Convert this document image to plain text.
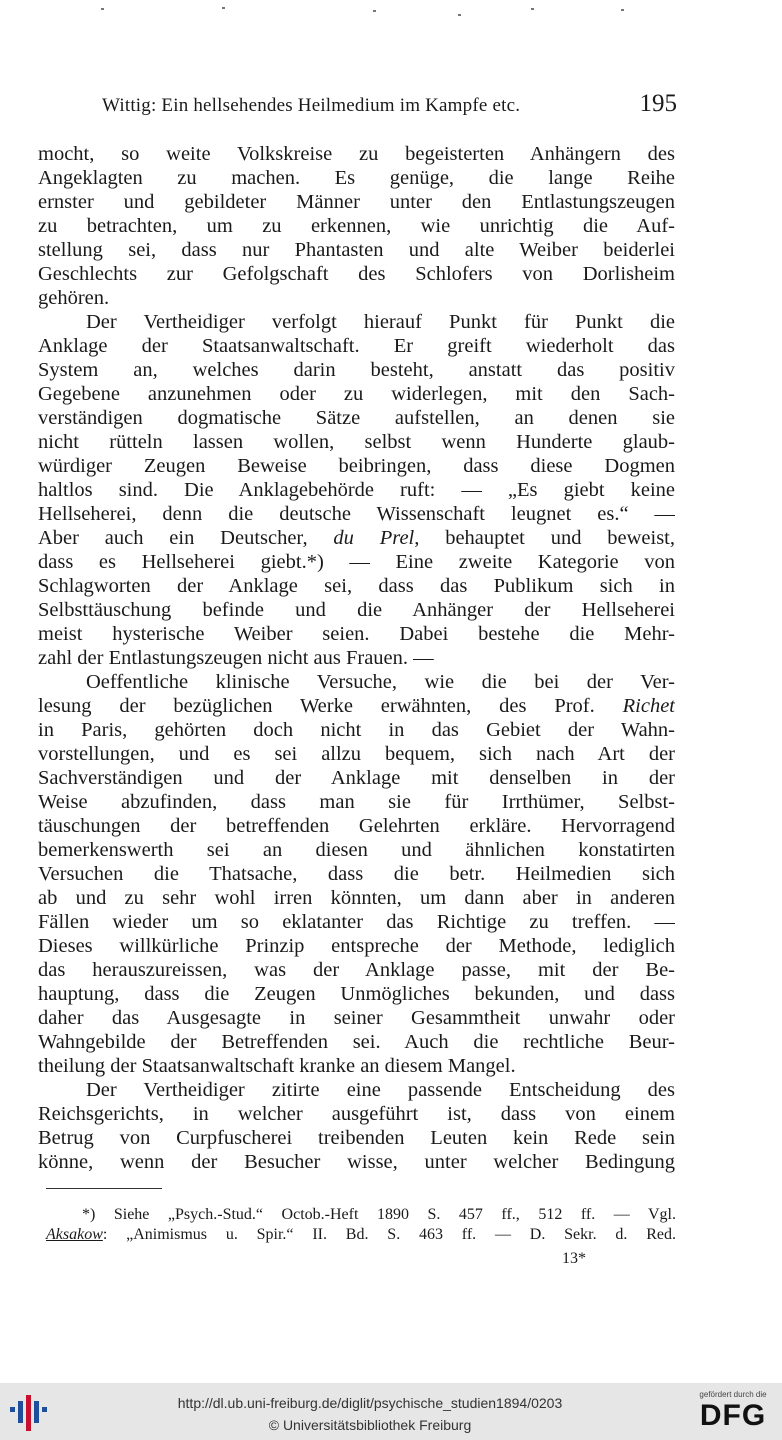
Wittig: Ein hellsehendes Heilmedium im Kampfe etc.	195
mocht, so weite Volkskreise zu begeisterten Anhängern des
Angeklagten zu machen. Es genüge, die lange Reihe
ernster und gebildeter Männer unter den Entlastungszeugen
zu betrachten, um zu erkennen, wie unrichtig die Auf-
stellung sei, dass nur Phantasten und alte Weiber beiderlei
Geschlechts zur Gefolgschaft des Schlofers von Dorlisheim
gehören.
Der Vertheidiger verfolgt hierauf Punkt für Punkt die
Anklage der Staatsanwaltschaft. Er greift wiederholt das
System an, welches darin besteht, anstatt das positiv
Gegebene anzunehmen oder zu widerlegen, mit den Sach-
verständigen dogmatische Sätze aufstellen, an denen sie
nicht rütteln lassen wollen, selbst wenn Hunderte glaub-
würdiger Zeugen Beweise beibringen, dass diese Dogmen
haltlos sind. Die Anklagebehörde ruft: — „Es giebt keine
Hellseherei, denn die deutsche Wissenschaft leugnet es.“ —
Aber auch ein Deutscher, du Prel, behauptet und beweist,
dass es Hellseherei giebt.*) — Eine zweite Kategorie von
Schlagworten der Anklage sei, dass das Publikum sich in
Selbsttäuschung befinde und die Anhänger der Hellseherei
meist hysterische Weiber seien. Dabei bestehe die Mehr-
zahl der Entlastungszeugen nicht aus Frauen. —
Oeffentliche klinische Versuche, wie die bei der Ver-
lesung der bezüglichen Werke erwähnten, des Prof. Richet
in Paris, gehörten doch nicht in das Gebiet der Wahn-
vorstellungen, und es sei allzu bequem, sich nach Art der
Sachverständigen und der Anklage mit denselben in der
Weise abzufinden, dass man sie für Irrthümer, Selbst-
täuschungen der betreffenden Gelehrten erkläre. Hervorragend
bemerkenswerth sei an diesen und ähnlichen konstatirten
Versuchen die Thatsache, dass die betr. Heilmedien sich
ab und zu sehr wohl irren könnten, um dann aber in anderen
Fällen wieder um so eklatanter das Richtige zu treffen. —
Dieses willkürliche Prinzip entspreche der Methode, lediglich
das herauszureissen, was der Anklage passe, mit der Be-
hauptung, dass die Zeugen Unmögliches bekunden, und dass
daher das Ausgesagte in seiner Gesammtheit unwahr oder
Wahngebilde der Betreffenden sei. Auch die rechtliche Beur-
theilung der Staatsanwaltschaft kranke an diesem Mangel.
Der Vertheidiger zitirte eine passende Entscheidung des
Reichsgerichts, in welcher ausgeführt ist, dass von einem
Betrug von Curpfuscherei treibenden Leuten kein Rede sein
könne, wenn der Besucher wisse, unter welcher Bedingung
*) Siehe „Psych.-Stud.“ Octob.-Heft 1890 S. 457 ff., 512 ff. — Vgl.
Aksakow: „Animismus u. Spir.“ II. Bd. S. 463 ff. — D. Sekr. d. Red.
13*
http://dl.ub.uni-freiburg.de/diglit/psychische_studien1894/0203
© Universitätsbibliothek Freiburg
gefördert durch die
DFG
